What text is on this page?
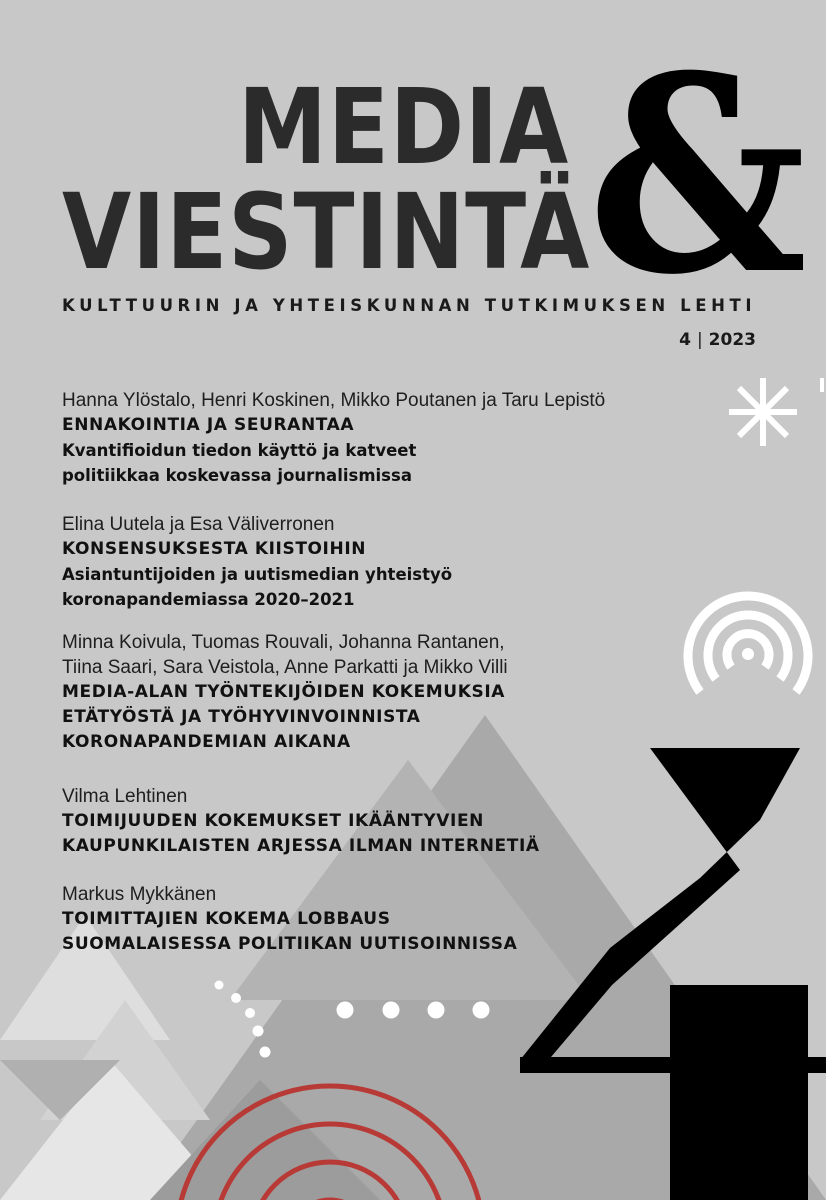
MEDIA
VIESTINTÄ
&
KULTTUURIN JA YHTEISKUNNAN TUTKIMUKSEN LEHTI
4 | 2023
Hanna Ylöstalo, Henri Koskinen, Mikko Poutanen ja Taru Lepistö
ENNAKOINTIA JA SEURANTAA
Kvantifioidun tiedon käyttö ja katveet
politiikkaa koskevassa journalismissa
Elina Uutela ja Esa Väliverronen
KONSENSUKSESTA KIISTOIHIN
Asiantuntijoiden ja uutismedian yhteistyö
koronapandemiassa 2020–2021
Minna Koivula, Tuomas Rouvali, Johanna Rantanen,
Tiina Saari, Sara Veistola, Anne Parkatti ja Mikko Villi
MEDIA-ALAN TYÖNTEKIJÖIDEN KOKEMUKSIA
ETÄTYÖSTÄ JA TYÖHYVINVOINNISTA
KORONAPANDEMIAN AIKANA
Vilma Lehtinen
TOIMIJUUDEN KOKEMUKSET IKÄÄNTYVIEN
KAUPUNKILAISTEN ARJESSA ILMAN INTERNETIÄ
Markus Mykkänen
TOIMITTAJIEN KOKEMA LOBBAUS
SUOMALAISESSA POLITIIKAN UUTISOINNISSA
